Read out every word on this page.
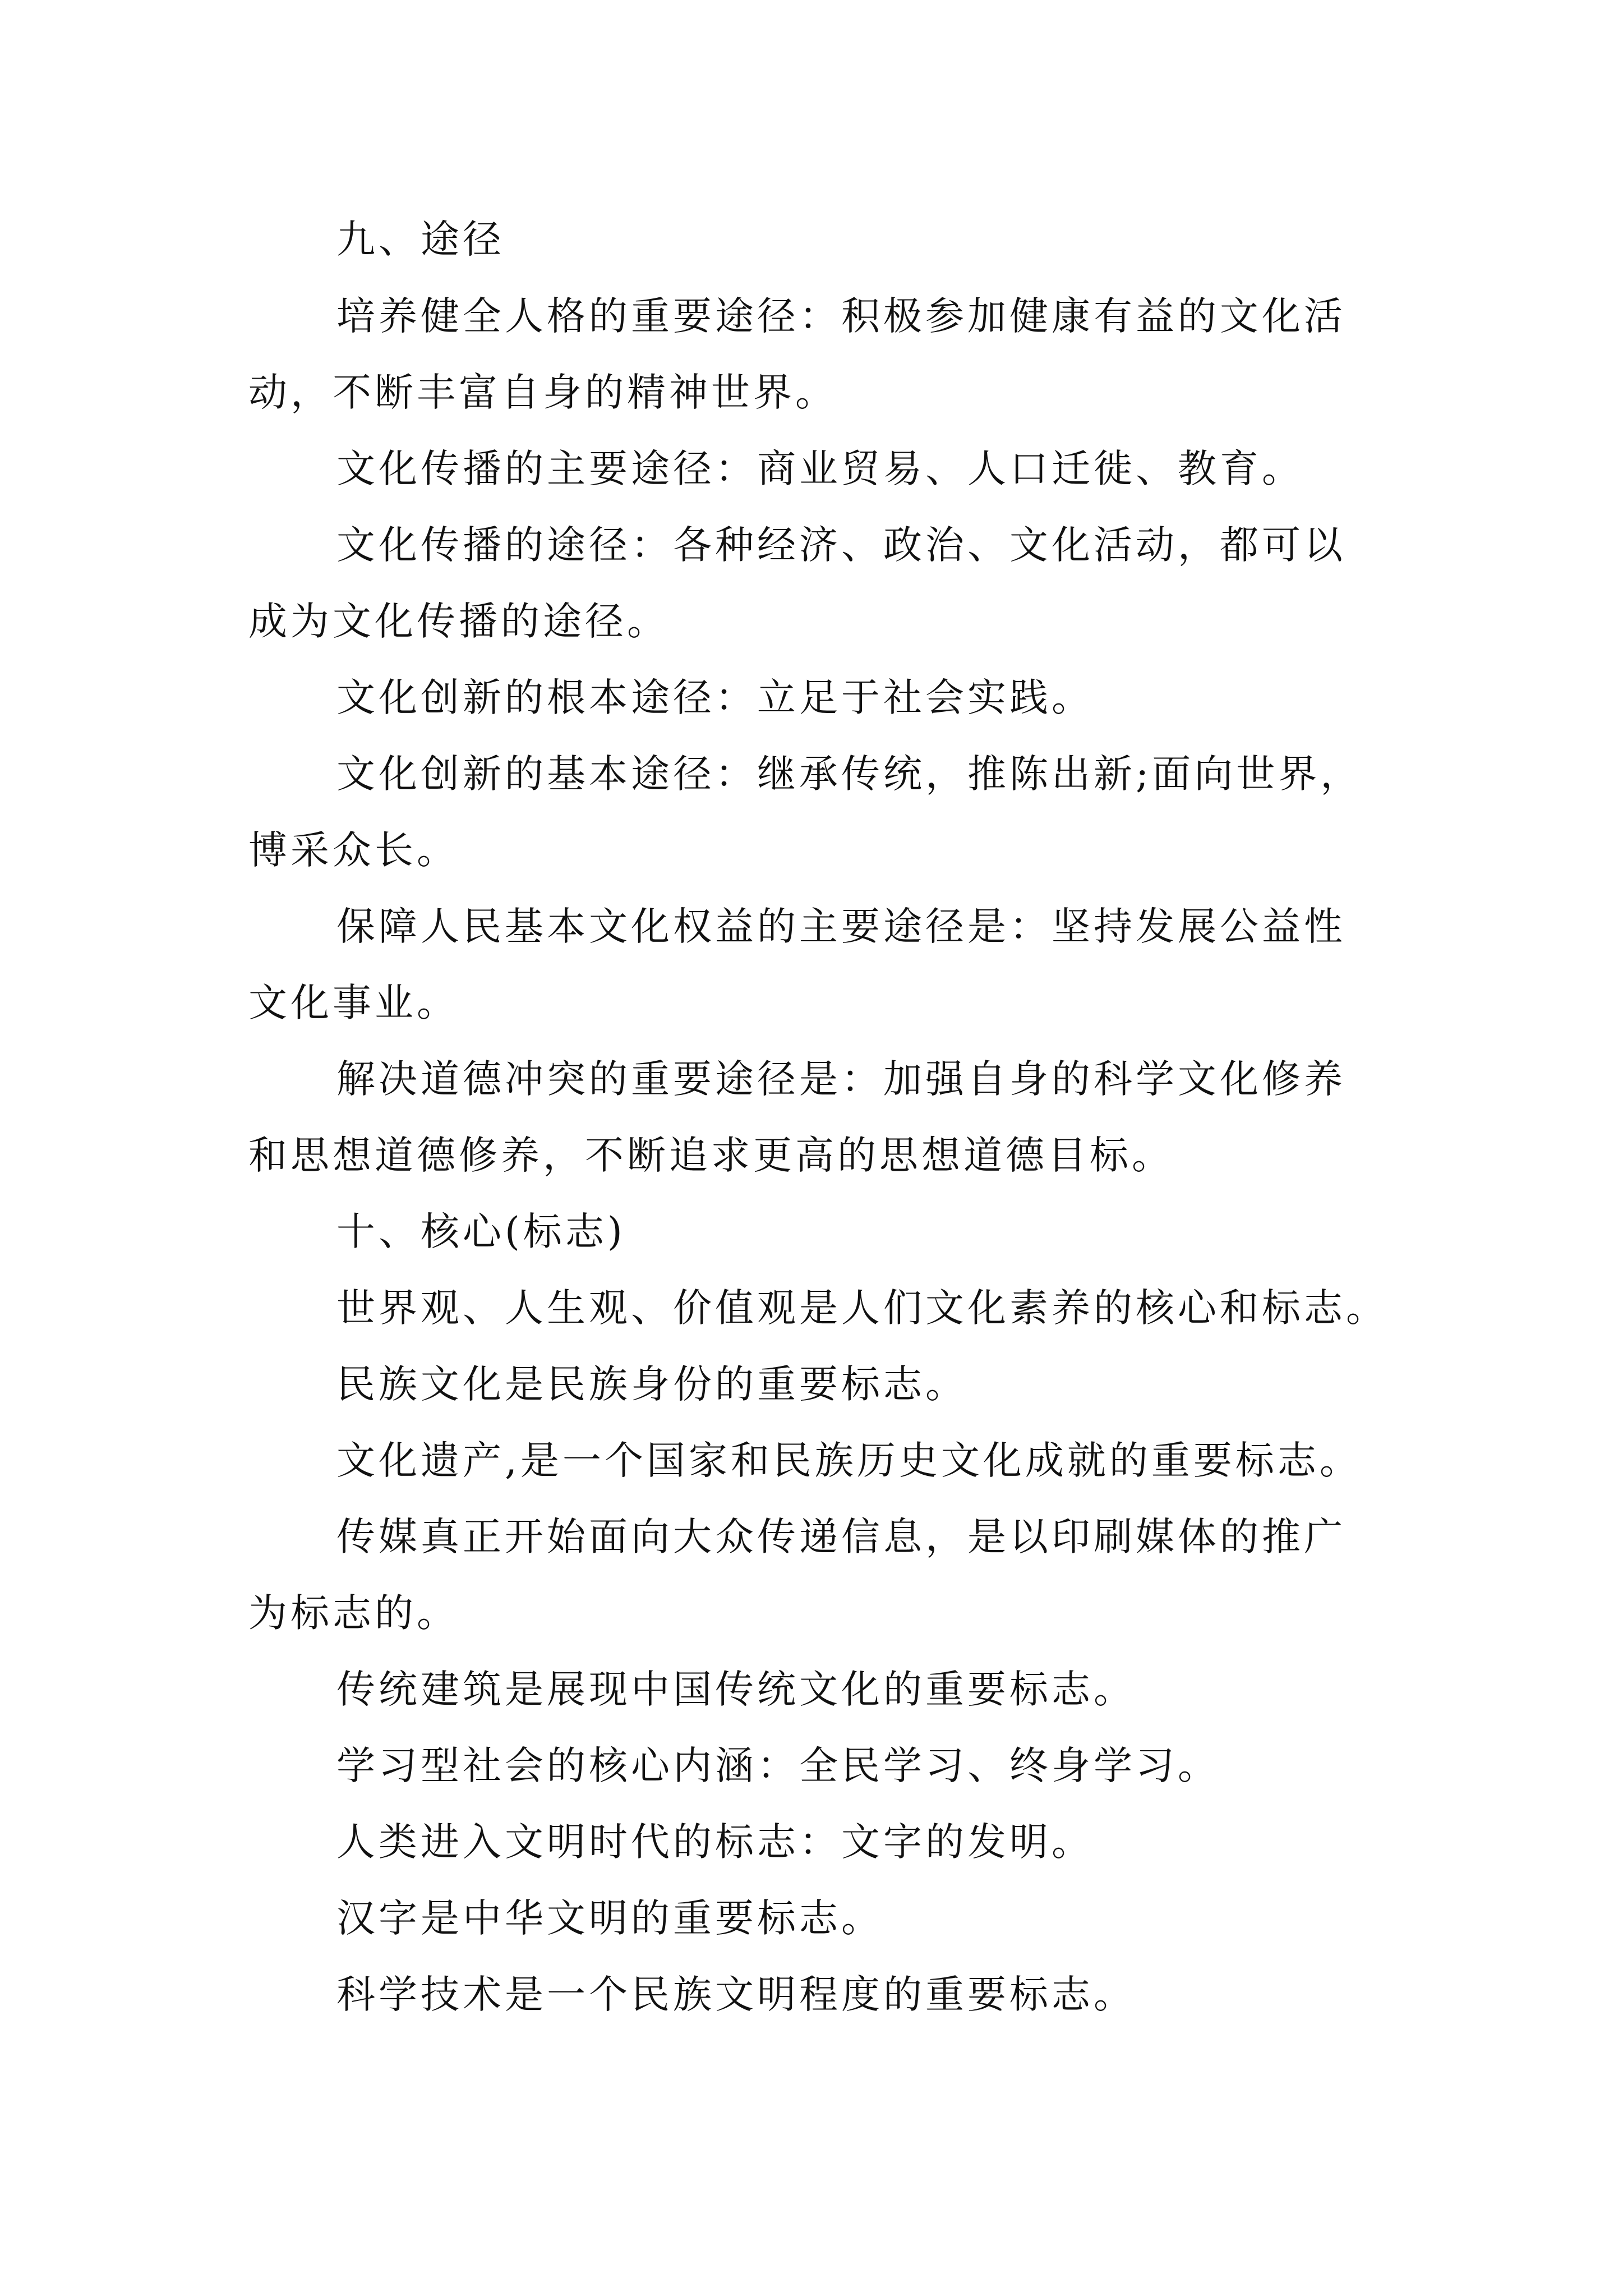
九、途径
培养健全人格的重要途径：积极参加健康有益的文化活
动，不断丰富自身的精神世界。
文化传播的主要途径：商业贸易、人口迁徙、教育。
文化传播的途径：各种经济、政治、文化活动，都可以
成为文化传播的途径。
文化创新的根本途径：立足于社会实践。
文化创新的基本途径：继承传统，推陈出新;面向世界，
博采众长。
保障人民基本文化权益的主要途径是：坚持发展公益性
文化事业。
解决道德冲突的重要途径是：加强自身的科学文化修养
和思想道德修养，不断追求更高的思想道德目标。
十、核心(标志)
世界观、人生观、价值观是人们文化素养的核心和标志。
民族文化是民族身份的重要标志。
文化遗产,是一个国家和民族历史文化成就的重要标志。
传媒真正开始面向大众传递信息，是以印刷媒体的推广
为标志的。
传统建筑是展现中国传统文化的重要标志。
学习型社会的核心内涵：全民学习、终身学习。
人类进入文明时代的标志：文字的发明。
汉字是中华文明的重要标志。
科学技术是一个民族文明程度的重要标志。
